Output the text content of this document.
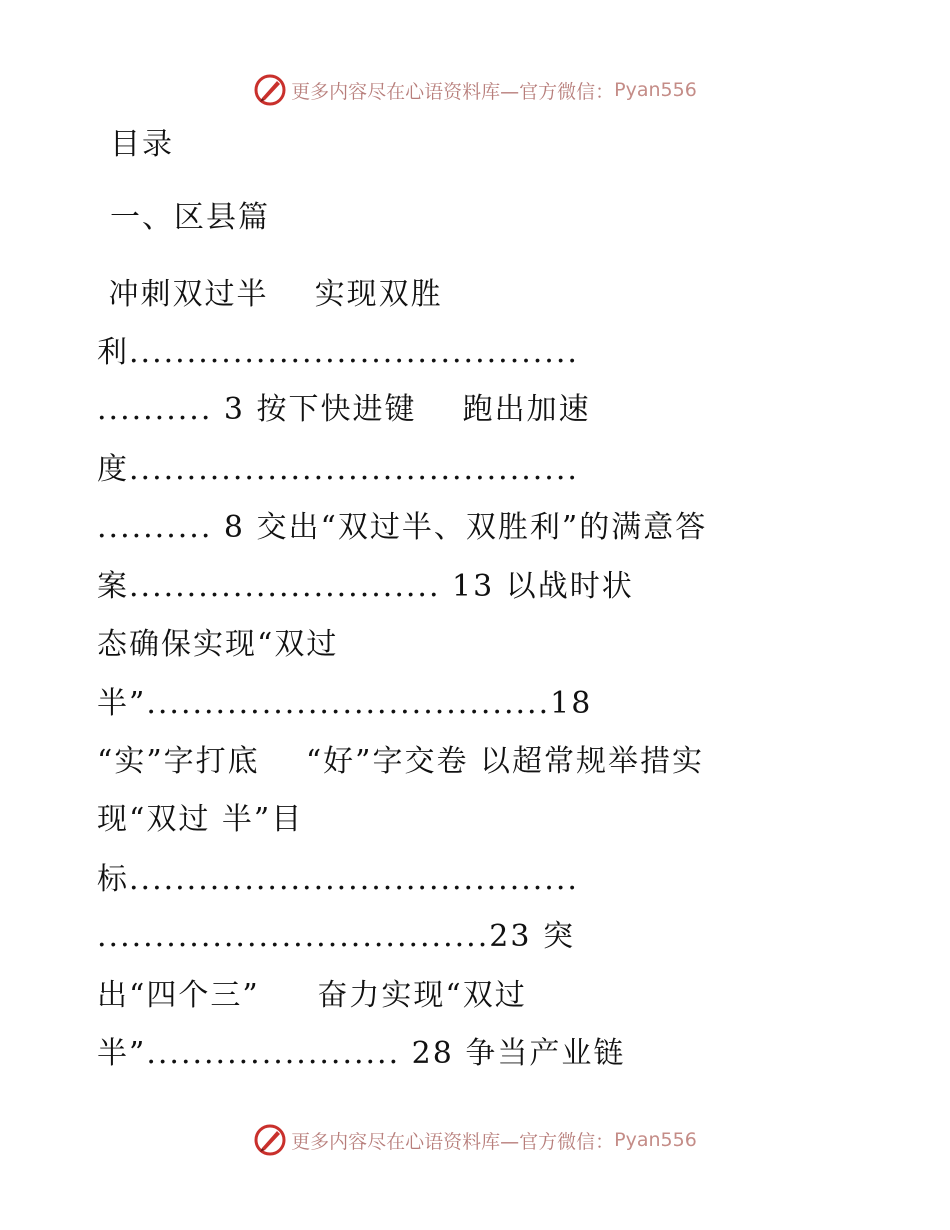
更多内容尽在心语资料库—官方微信： Pyan556
目录
一、区县篇
冲刺双过半    实现双胜
利.......................................
.......... 3 按下快进键    跑出加速
度.......................................
.......... 8 交出“双过半、双胜利”的满意答
案........................... 13 以战时状
态确保实现“双过
半”...................................18
“实”字打底    “好”字交卷 以超常规举措实
现“双过 半”目
标.......................................
..................................23 突
出“四个三”     奋力实现“双过
半”...................... 28 争当产业链
更多内容尽在心语资料库—官方微信： Pyan556
